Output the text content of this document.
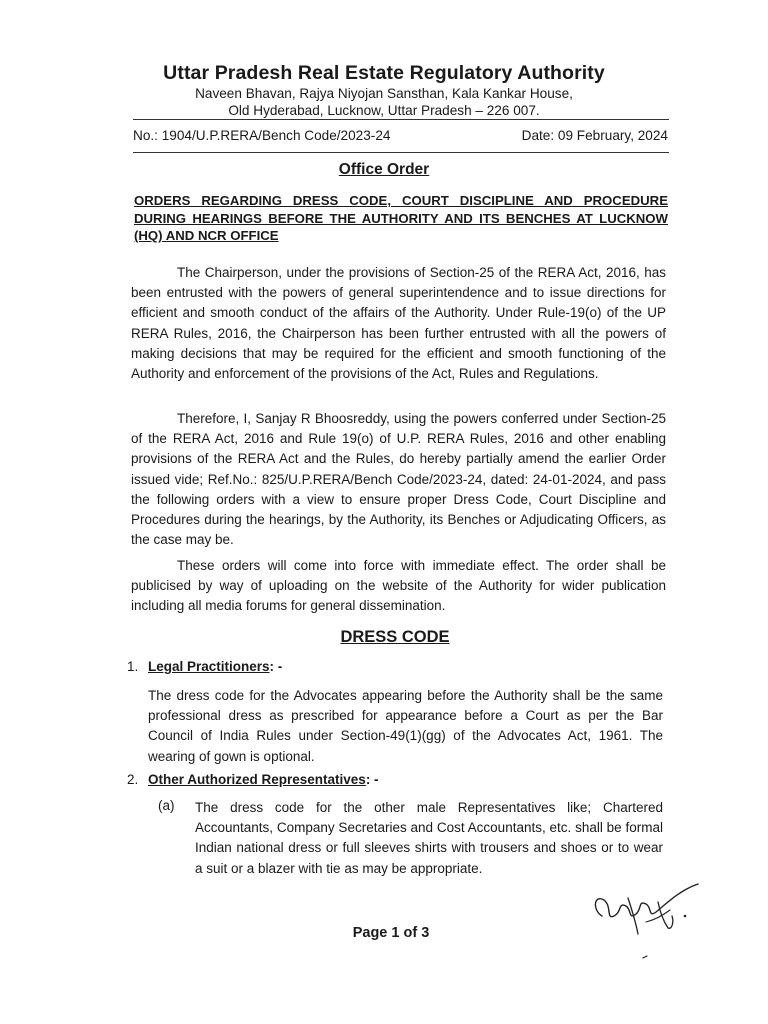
Uttar Pradesh Real Estate Regulatory Authority
Naveen Bhavan, Rajya Niyojan Sansthan, Kala Kankar House,
Old Hyderabad, Lucknow, Uttar Pradesh – 226 007.
No.: 1904/U.P.RERA/Bench Code/2023-24	Date: 09 February, 2024
Office Order
ORDERS REGARDING DRESS CODE, COURT DISCIPLINE AND PROCEDURE DURING HEARINGS BEFORE THE AUTHORITY AND ITS BENCHES AT LUCKNOW (HQ) AND NCR OFFICE
The Chairperson, under the provisions of Section-25 of the RERA Act, 2016, has been entrusted with the powers of general superintendence and to issue directions for efficient and smooth conduct of the affairs of the Authority. Under Rule-19(o) of the UP RERA Rules, 2016, the Chairperson has been further entrusted with all the powers of making decisions that may be required for the efficient and smooth functioning of the Authority and enforcement of the provisions of the Act, Rules and Regulations.
Therefore, I, Sanjay R Bhoosreddy, using the powers conferred under Section-25 of the RERA Act, 2016 and Rule 19(o) of U.P. RERA Rules, 2016 and other enabling provisions of the RERA Act and the Rules, do hereby partially amend the earlier Order issued vide; Ref.No.: 825/U.P.RERA/Bench Code/2023-24, dated: 24-01-2024, and pass the following orders with a view to ensure proper Dress Code, Court Discipline and Procedures during the hearings, by the Authority, its Benches or Adjudicating Officers, as the case may be.
These orders will come into force with immediate effect. The order shall be publicised by way of uploading on the website of the Authority for wider publication including all media forums for general dissemination.
DRESS CODE
1. Legal Practitioners: -
The dress code for the Advocates appearing before the Authority shall be the same professional dress as prescribed for appearance before a Court as per the Bar Council of India Rules under Section-49(1)(gg) of the Advocates Act, 1961. The wearing of gown is optional.
2. Other Authorized Representatives: -
(a) The dress code for the other male Representatives like; Chartered Accountants, Company Secretaries and Cost Accountants, etc. shall be formal Indian national dress or full sleeves shirts with trousers and shoes or to wear a suit or a blazer with tie as may be appropriate.
Page 1 of 3
